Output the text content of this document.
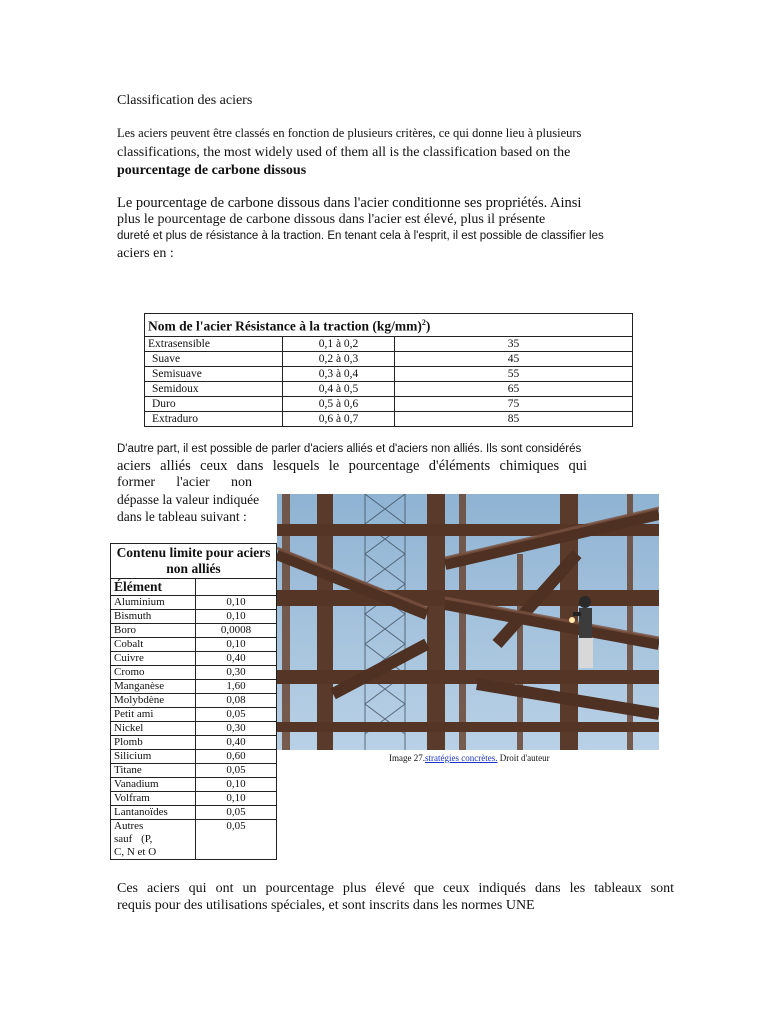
Classification des aciers
Les aciers peuvent être classés en fonction de plusieurs critères, ce qui donne lieu à plusieurs
classifications, the most widely used of them all is the classification based on the
pourcentage de carbone dissous
Le pourcentage de carbone dissous dans l'acier conditionne ses propriétés. Ainsi
plus le pourcentage de carbone dissous dans l'acier est élevé, plus il présente
dureté et plus de résistance à la traction. En tenant cela à l'esprit, il est possible de classifier les
aciers en :
Nom de l'acier Résistance à la traction $(kg/mm)^2$)		
Extrasensible	0,1 à 0,2	35
Suave	0,2 à 0,3	45
Semisuave	0,3 à 0,4	55
Semidoux	0,4 à 0,5	65
Duro	0,5 à 0,6	75
Extraduro	0,6 à 0,7	85
D'autre part, il est possible de parler d'aciers alliés et d'aciers non alliés. Ils sont considérés
aciers alliés ceux dans lesquels le pourcentage d'éléments chimiques qui
former l'acier non
dépasse la valeur indiquée
dans le tableau suivant :
Contenu limite pour aciers non alliés	
Élément	
Aluminium	0,10
Bismuth	0,10
Boro	0,0008
Cobalt	0,10
Cuivre	0,40
Cromo	0,30
Manganèse	1,60
Molybdène	0,08
Petit ami	0,05
Nickel	0,30
Plomb	0,40
Silicium	0,60
Titane	0,05
Vanadium	0,10
Volfram	0,10
Lantanoïdes	0,05

Autres
sauf (P,
C, N et O	0,05
Image 27.stratégies concrètes. Droit d'auteur
Ces aciers qui ont un pourcentage plus élevé que ceux indiqués dans les tableaux sont
requis pour des utilisations spéciales, et sont inscrits dans les normes UNE
